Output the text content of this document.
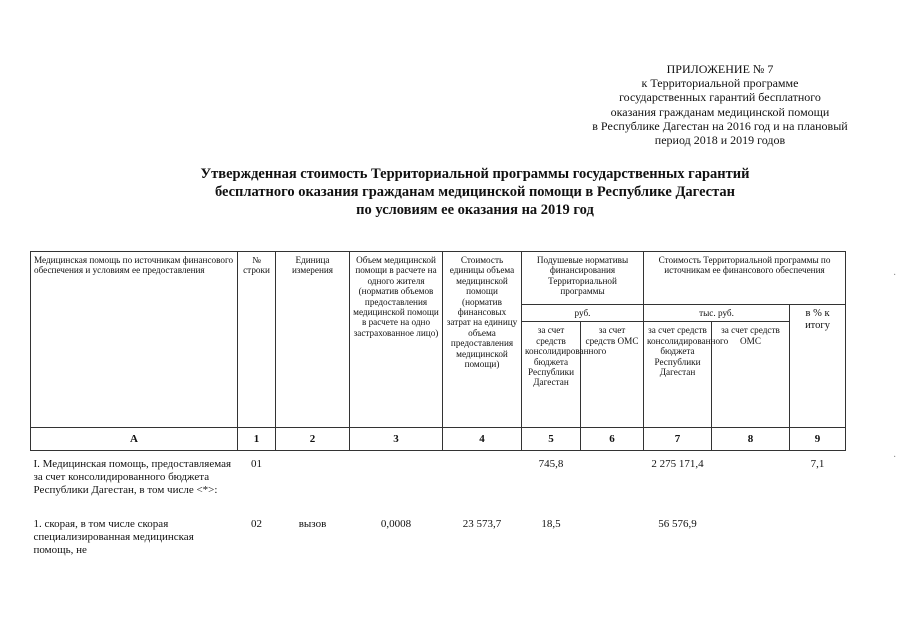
ПРИЛОЖЕНИЕ № 7
к Территориальной программе
государственных гарантий бесплатного
оказания гражданам медицинской помощи
в Республике Дагестан на 2016 год и на плановый
период 2018 и 2019 годов
Утвержденная стоимость Территориальной программы государственных гарантий
бесплатного оказания гражданам медицинской помощи в Республике Дагестан
по условиям ее оказания на 2019 год
Медицинская помощь по источникам финансового обеспечения и условиям ее предоставления	№ строки	Единица измерения	Объем медицинской помощи в расчете на одного жителя (норматив объемов предоставления медицинской помощи в расчете на одно застрахованное лицо)	Стоимость единицы объема медицинской помощи (норматив финансовых затрат на единицу объема предоставления медицинской помощи)	Подушевые нормативы финансирования Территориальной программы		Стоимость Территориальной программы по источникам ее финансового обеспечения		
					руб.		тыс. руб.		в % к итогу
					за счет средств консолидированного бюджета Республики Дагестан	за счет средств ОМС	за счет средств консолидированного бюджета Республики Дагестан	за счет средств ОМС	
А	1	2	3	4	5	6	7	8	9
I. Медицинская помощь, предоставляемая за счет консолидированного бюджета Республики Дагестан, в том числе <*>:	01				745,8		2 275 171,4		7,1
1. скорая, в том числе скорая специализированная медицинская помощь, не	02	вызов	0,0008	23 573,7	18,5		56 576,9		
·
·
